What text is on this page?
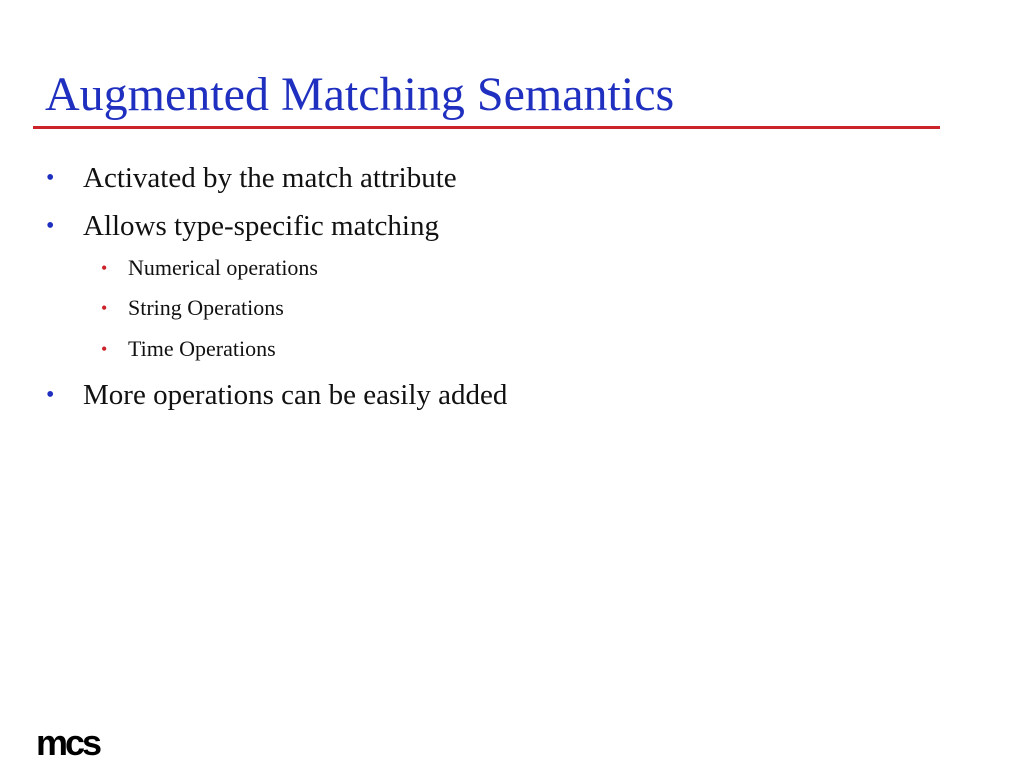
Augmented Matching Semantics
• Activated by the match attribute
• Allows type-specific matching
• Numerical operations
• String Operations
• Time Operations
• More operations can be easily added
mcs
